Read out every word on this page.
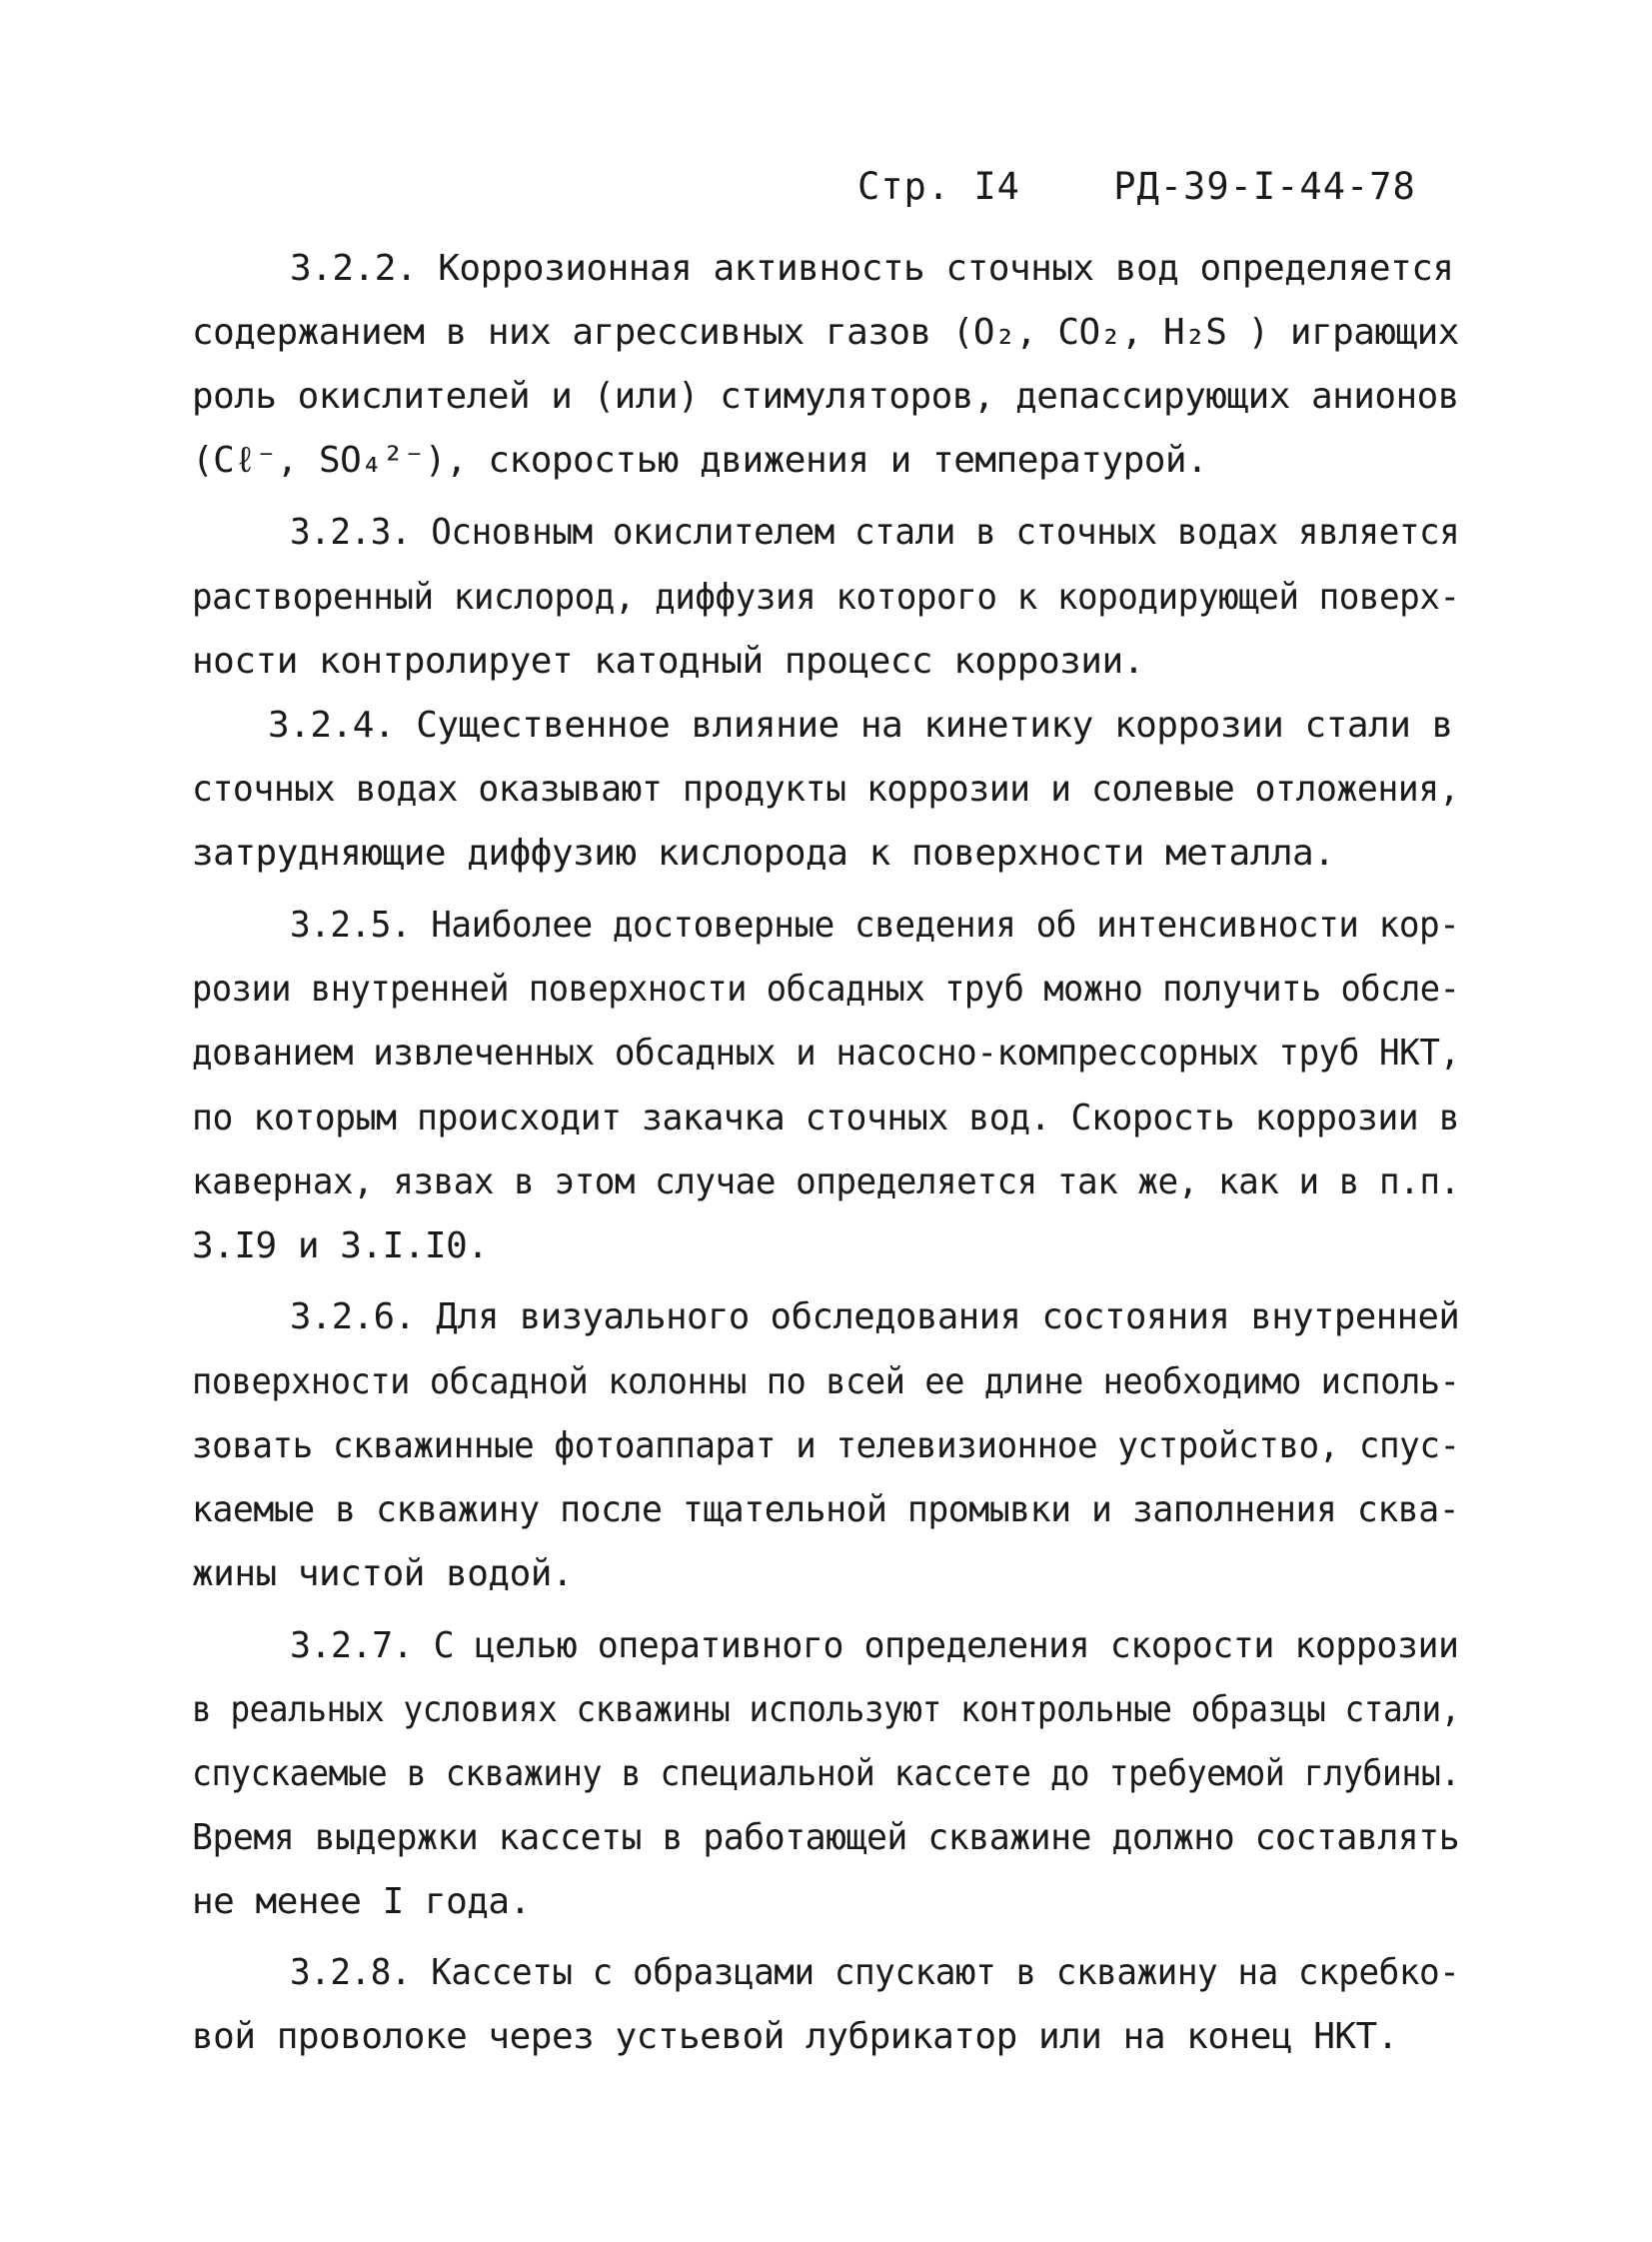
Стр. I4	РД-39-I-44-78
3.2.2. Коррозионная активность сточных вод определяется
содержанием в них агрессивных газов (O₂, CO₂, H₂S ) играющих
роль окислителей и (или) стимуляторов, депассирующих анионов
(Cℓ⁻, SO₄²⁻), скоростью движения и температурой.
3.2.3. Основным окислителем стали в сточных водах является
растворенный кислород, диффузия которого к кородирующей поверх-
ности контролирует катодный процесс коррозии.
3.2.4. Существенное влияние на кинетику коррозии стали в
сточных водах оказывают продукты коррозии и солевые отложения,
затрудняющие диффузию кислорода к поверхности металла.
3.2.5. Наиболее достоверные сведения об интенсивности кор-
розии внутренней поверхности обсадных труб можно получить обсле-
дованием извлеченных обсадных и насосно-компрессорных труб НКТ,
по которым происходит закачка сточных вод. Скорость коррозии в
кавернах, язвах в этом случае определяется так же, как и в п.п.
3.I9 и 3.I.I0.
3.2.6. Для визуального обследования состояния внутренней
поверхности обсадной колонны по всей ее длине необходимо исполь-
зовать скважинные фотоаппарат и телевизионное устройство, спус-
каемые в скважину после тщательной промывки и заполнения сква-
жины чистой водой.
3.2.7. С целью оперативного определения скорости коррозии
в реальных условиях скважины используют контрольные образцы стали,
спускаемые в скважину в специальной кассете до требуемой глубины.
Время выдержки кассеты в работающей скважине должно составлять
не менее I года.
3.2.8. Кассеты с образцами спускают в скважину на скребко-
вой проволоке через устьевой лубрикатор или на конец НКТ.
